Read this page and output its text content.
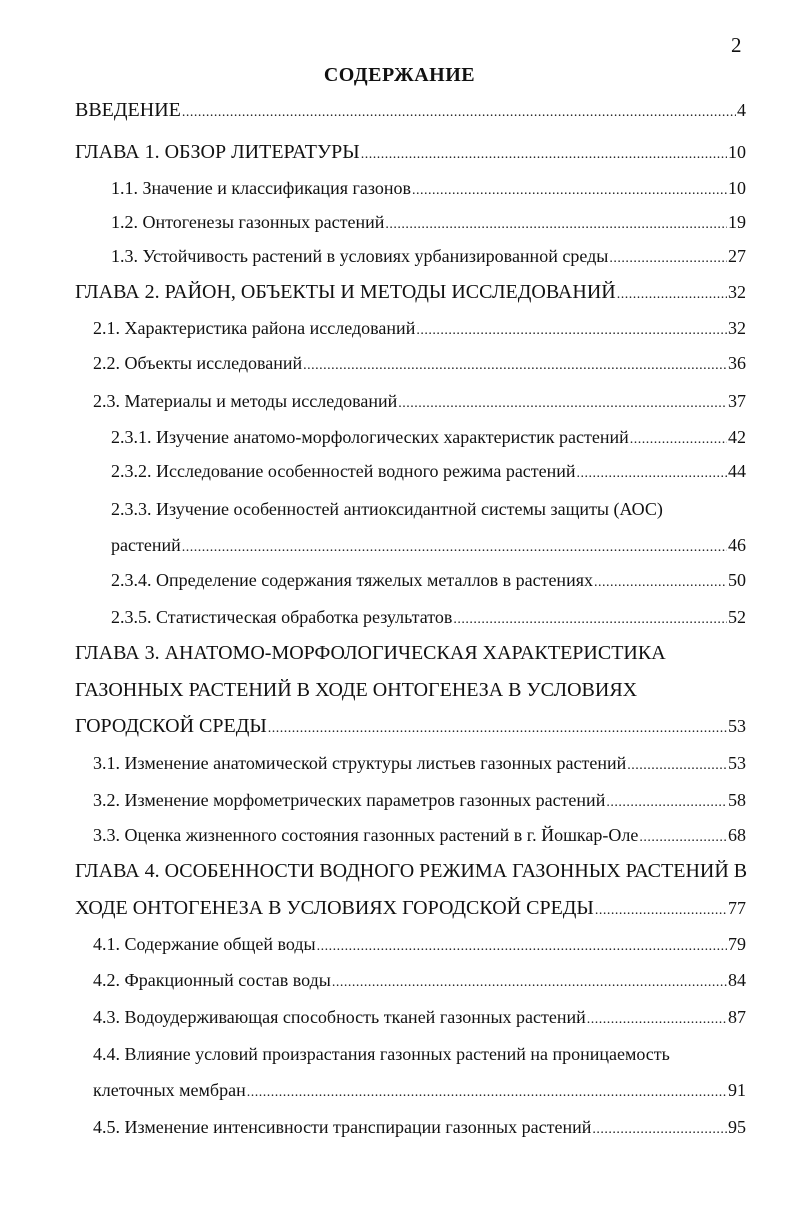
2
СОДЕРЖАНИЕ
ВВЕДЕНИЕ .....	4
ГЛАВА 1. ОБЗОР ЛИТЕРАТУРЫ .....	10
1.1. Значение и классификация газонов .....	10
1.2. Онтогенезы газонных растений .....	19
1.3. Устойчивость растений в условиях урбанизированной среды .....	27
ГЛАВА 2. РАЙОН, ОБЪЕКТЫ И МЕТОДЫ ИССЛЕДОВАНИЙ .....	32
2.1. Характеристика района исследований .....	32
2.2. Объекты исследований .....	36
2.3. Материалы и методы исследований .....	37
2.3.1. Изучение анатомо-морфологических характеристик растений .....	42
2.3.2. Исследование особенностей водного режима растений .....	44
2.3.3. Изучение особенностей антиоксидантной системы защиты (АОС)
растений .....	46
2.3.4. Определение содержания тяжелых металлов в растениях .....	50
2.3.5. Статистическая обработка результатов .....	52
ГЛАВА 3. АНАТОМО-МОРФОЛОГИЧЕСКАЯ ХАРАКТЕРИСТИКА
ГАЗОННЫХ РАСТЕНИЙ В ХОДЕ ОНТОГЕНЕЗА В УСЛОВИЯХ
ГОРОДСКОЙ СРЕДЫ .....	53
3.1. Изменение анатомической структуры листьев газонных растений .....	53
3.2. Изменение морфометрических параметров газонных растений .....	58
3.3. Оценка жизненного состояния газонных растений в г. Йошкар-Оле .....	68
ГЛАВА 4. ОСОБЕННОСТИ ВОДНОГО РЕЖИМА ГАЗОННЫХ РАСТЕНИЙ В
ХОДЕ ОНТОГЕНЕЗА В УСЛОВИЯХ ГОРОДСКОЙ СРЕДЫ .....	77
4.1. Содержание общей воды .....	79
4.2. Фракционный состав воды .....	84
4.3. Водоудерживающая способность тканей газонных растений .....	87
4.4. Влияние условий произрастания газонных растений на проницаемость
клеточных мембран .....	91
4.5. Изменение интенсивности транспирации газонных растений .....	95
